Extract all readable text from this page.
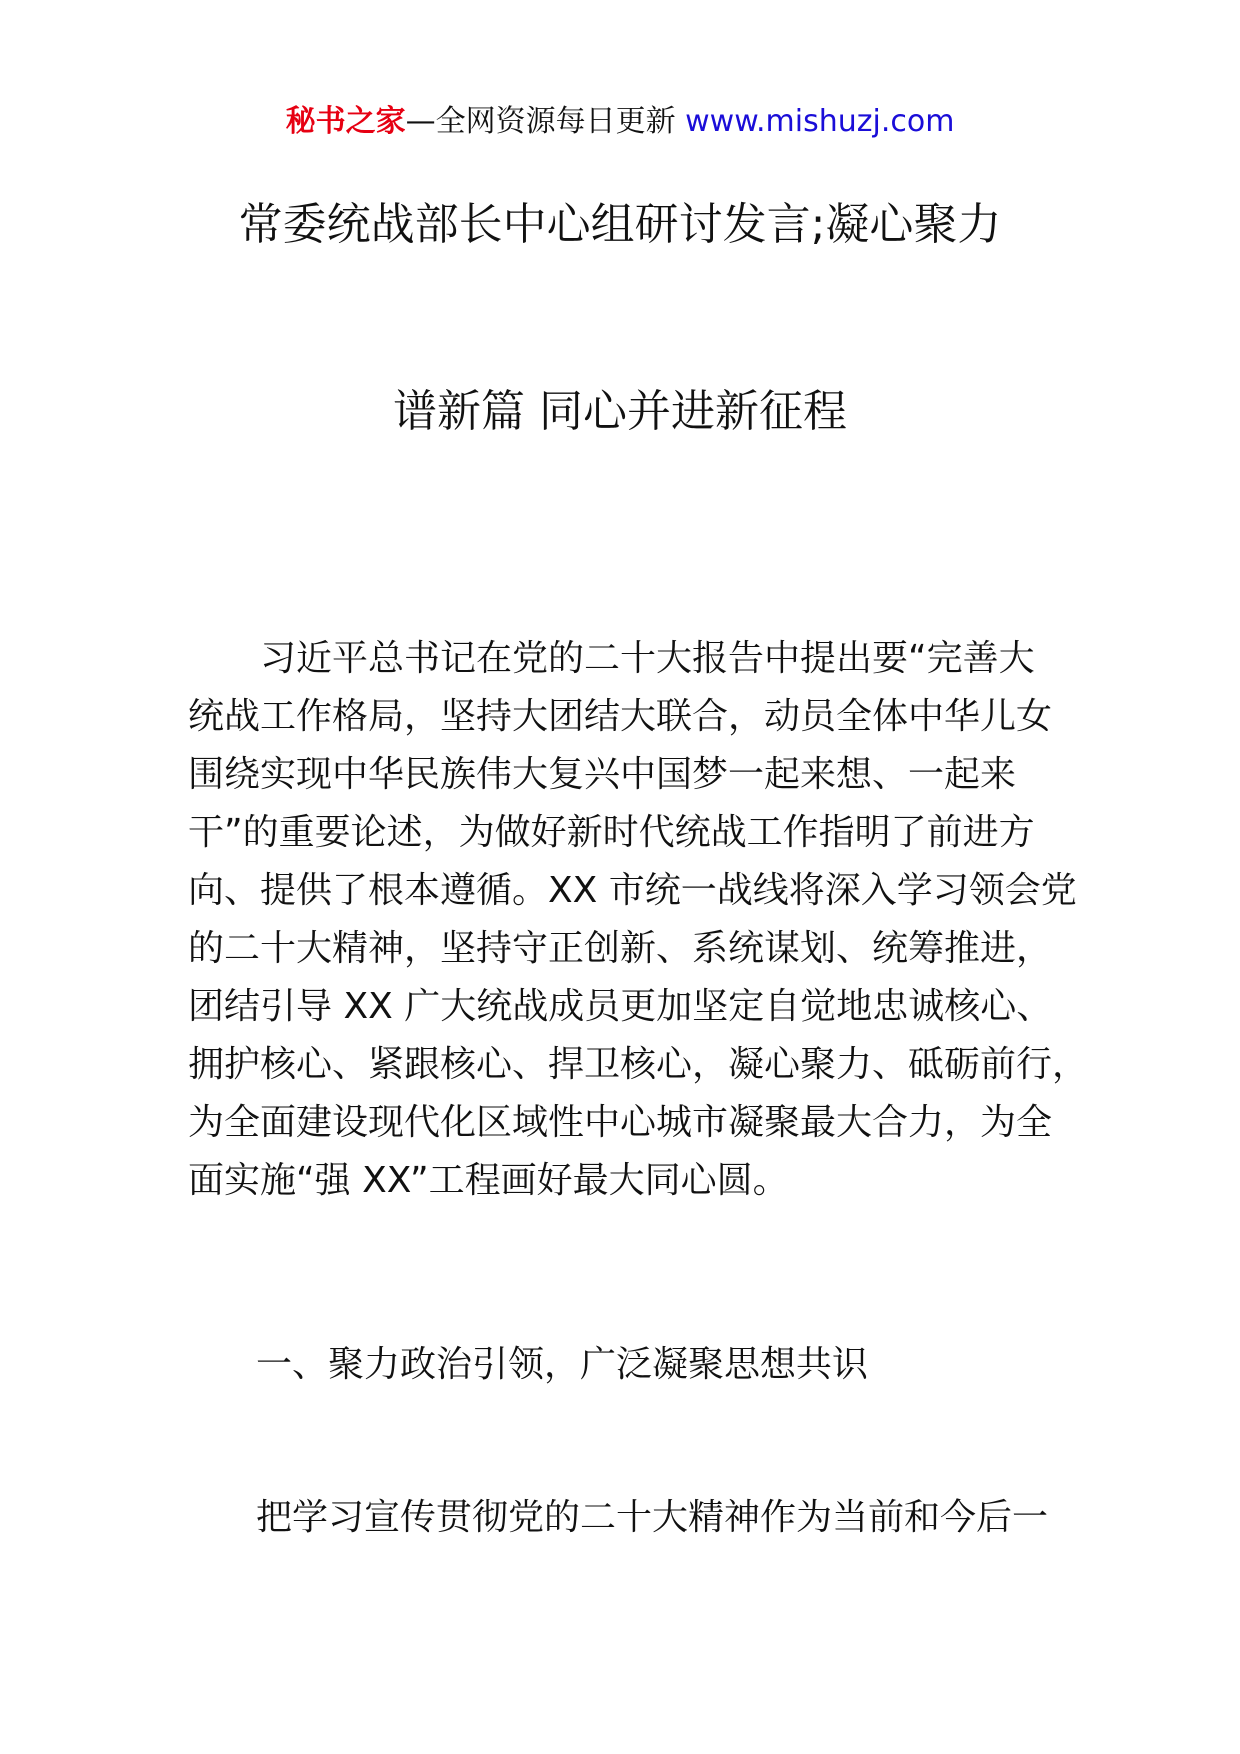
秘书之家—全网资源每日更新 www.mishuzj.com
常委统战部长中心组研讨发言;凝心聚力
谱新篇 同心并进新征程

　　习近平总书记在党的二十大报告中提出要“完善大
统战工作格局，坚持大团结大联合，动员全体中华儿女
围绕实现中华民族伟大复兴中国梦一起来想、一起来
干”的重要论述，为做好新时代统战工作指明了前进方
向、提供了根本遵循。XX 市统一战线将深入学习领会党
的二十大精神，坚持守正创新、系统谋划、统筹推进，
团结引导 XX 广大统战成员更加坚定自觉地忠诚核心、
拥护核心、紧跟核心、捍卫核心，凝心聚力、砥砺前行，
为全面建设现代化区域性中心城市凝聚最大合力，为全
面实施“强 XX”工程画好最大同心圆。

一、聚力政治引领，广泛凝聚思想共识
把学习宣传贯彻党的二十大精神作为当前和今后一
